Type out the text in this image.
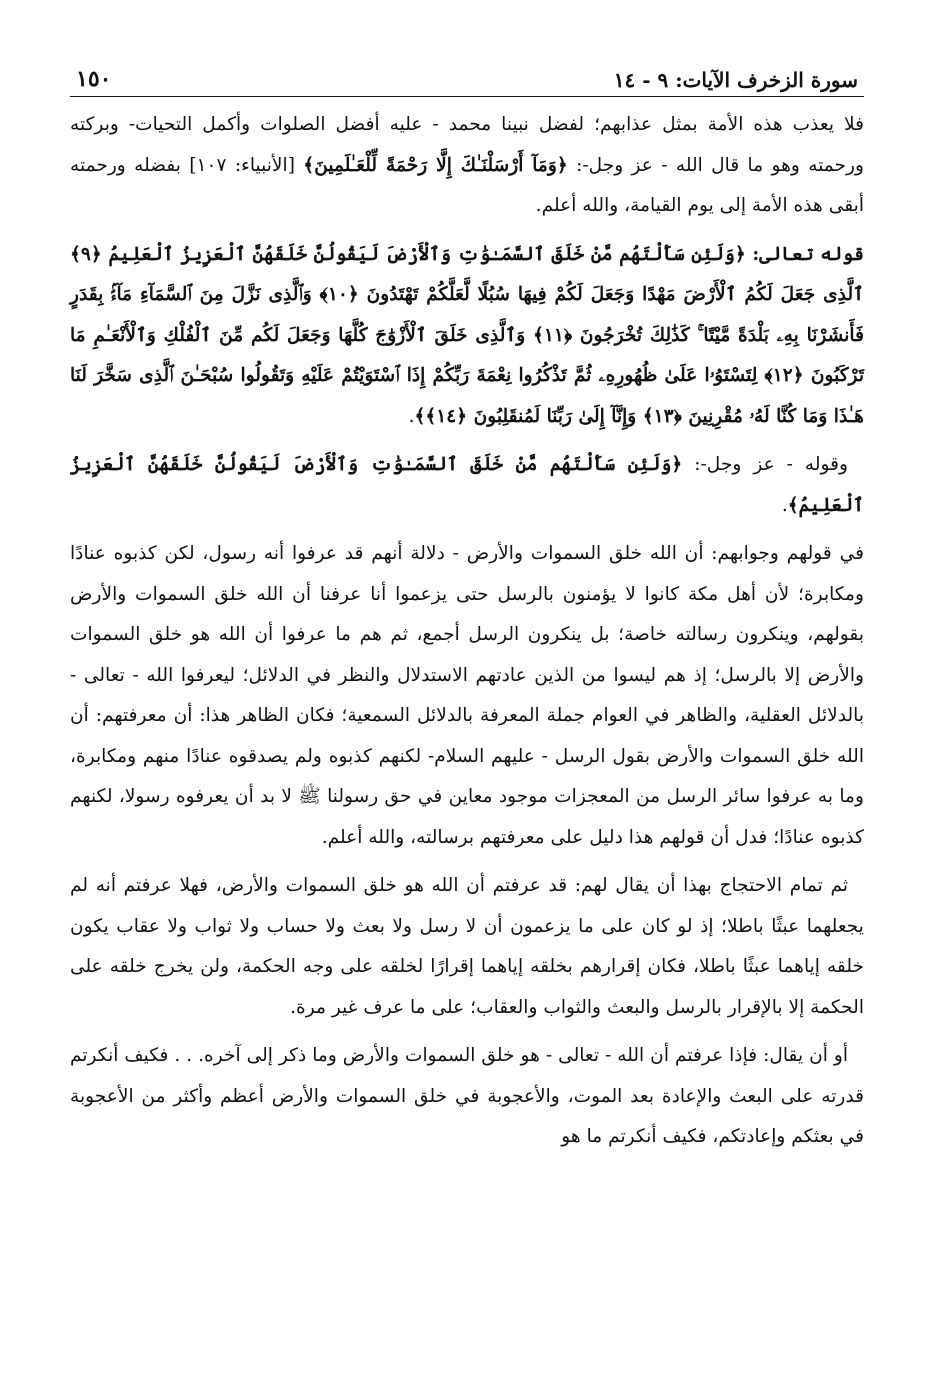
سورة الزخرف الآيات: ٩ - ١٤
١٥٠

فلا يعذب هذه الأمة بمثل عذابهم؛ لفضل نبينا محمد - عليه أفضل الصلوات وأكمل التحيات- وبركته ورحمته وهو ما قال الله - عز وجل-: ﴿وَمَآ أَرْسَلْنَـٰكَ إِلَّا رَحْمَةً لِّلْعَـٰلَمِينَ﴾ [الأنبياء: ١٠٧] بفضله ورحمته أبقى هذه الأمة إلى يوم القيامة، والله أعلم.

قوله تعالى: ﴿وَلَئِن سَأَلْتَهُم مَّنْ خَلَقَ ٱلسَّمَـٰوَٰتِ وَٱلْأَرْضَ لَيَقُولُنَّ خَلَقَهُنَّ ٱلْعَزِيزُ ٱلْعَلِيمُ ﴿٩﴾ ٱلَّذِى جَعَلَ لَكُمُ ٱلْأَرْضَ مَهْدًا وَجَعَلَ لَكُمْ فِيهَا سُبُلًا لَّعَلَّكُمْ تَهْتَدُونَ ﴿١٠﴾ وَٱلَّذِى نَزَّلَ مِنَ ٱلسَّمَآءِ مَآءًۢ بِقَدَرٍ فَأَنشَرْنَا بِهِۦ بَلْدَةً مَّيْتًا ۚ كَذَٰلِكَ تُخْرَجُونَ ﴿١١﴾ وَٱلَّذِى خَلَقَ ٱلْأَزْوَٰجَ كُلَّهَا وَجَعَلَ لَكُم مِّنَ ٱلْفُلْكِ وَٱلْأَنْعَـٰمِ مَا تَرْكَبُونَ ﴿١٢﴾ لِتَسْتَوُۥا عَلَىٰ ظُهُورِهِۦ ثُمَّ تَذْكُرُوا نِعْمَةَ رَبِّكُمْ إِذَا ٱسْتَوَيْتُمْ عَلَيْهِ وَتَقُولُوا سُبْحَـٰنَ ٱلَّذِى سَخَّرَ لَنَا هَـٰذَا وَمَا كُنَّا لَهُۥ مُقْرِنِينَ ﴿١٣﴾ وَإِنَّآ إِلَىٰ رَبِّنَا لَمُنقَلِبُونَ ﴿١٤﴾﴾.

وقوله - عز وجل-: ﴿وَلَئِن سَأَلْتَهُم مَّنْ خَلَقَ ٱلسَّمَـٰوَٰتِ وَٱلْأَرْضَ لَيَقُولُنَّ خَلَقَهُنَّ ٱلْعَزِيزُ ٱلْعَلِيمُ﴾.

في قولهم وجوابهم: أن الله خلق السموات والأرض - دلالة أنهم قد عرفوا أنه رسول، لكن كذبوه عنادًا ومكابرة؛ لأن أهل مكة كانوا لا يؤمنون بالرسل حتى يزعموا أنا عرفنا أن الله خلق السموات والأرض بقولهم، وينكرون رسالته خاصة؛ بل ينكرون الرسل أجمع، ثم هم ما عرفوا أن الله هو خلق السموات والأرض إلا بالرسل؛ إذ هم ليسوا من الذين عادتهم الاستدلال والنظر في الدلائل؛ ليعرفوا الله - تعالى - بالدلائل العقلية، والظاهر في العوام جملة المعرفة بالدلائل السمعية؛ فكان الظاهر هذا: أن معرفتهم: أن الله خلق السموات والأرض بقول الرسل - عليهم السلام- لكنهم كذبوه ولم يصدقوه عنادًا منهم ومكابرة، وما به عرفوا سائر الرسل من المعجزات موجود معاين في حق رسولنا ﷺ لا بد أن يعرفوه رسولا، لكنهم كذبوه عنادًا؛ فدل أن قولهم هذا دليل على معرفتهم برسالته، والله أعلم.

ثم تمام الاحتجاج بهذا أن يقال لهم: قد عرفتم أن الله هو خلق السموات والأرض، فهلا عرفتم أنه لم يجعلهما عبثًا باطلا؛ إذ لو كان على ما يزعمون أن لا رسل ولا بعث ولا حساب ولا ثواب ولا عقاب يكون خلقه إياهما عبثًا باطلا، فكان إقرارهم بخلقه إياهما إقرارًا لخلقه على وجه الحكمة، ولن يخرج خلقه على الحكمة إلا بالإقرار بالرسل والبعث والثواب والعقاب؛ على ما عرف غير مرة.

أو أن يقال: فإذا عرفتم أن الله - تعالى - هو خلق السموات والأرض وما ذكر إلى آخره. . . فكيف أنكرتم قدرته على البعث والإعادة بعد الموت، والأعجوبة في خلق السموات والأرض أعظم وأكثر من الأعجوبة في بعثكم وإعادتكم، فكيف أنكرتم ما هو
